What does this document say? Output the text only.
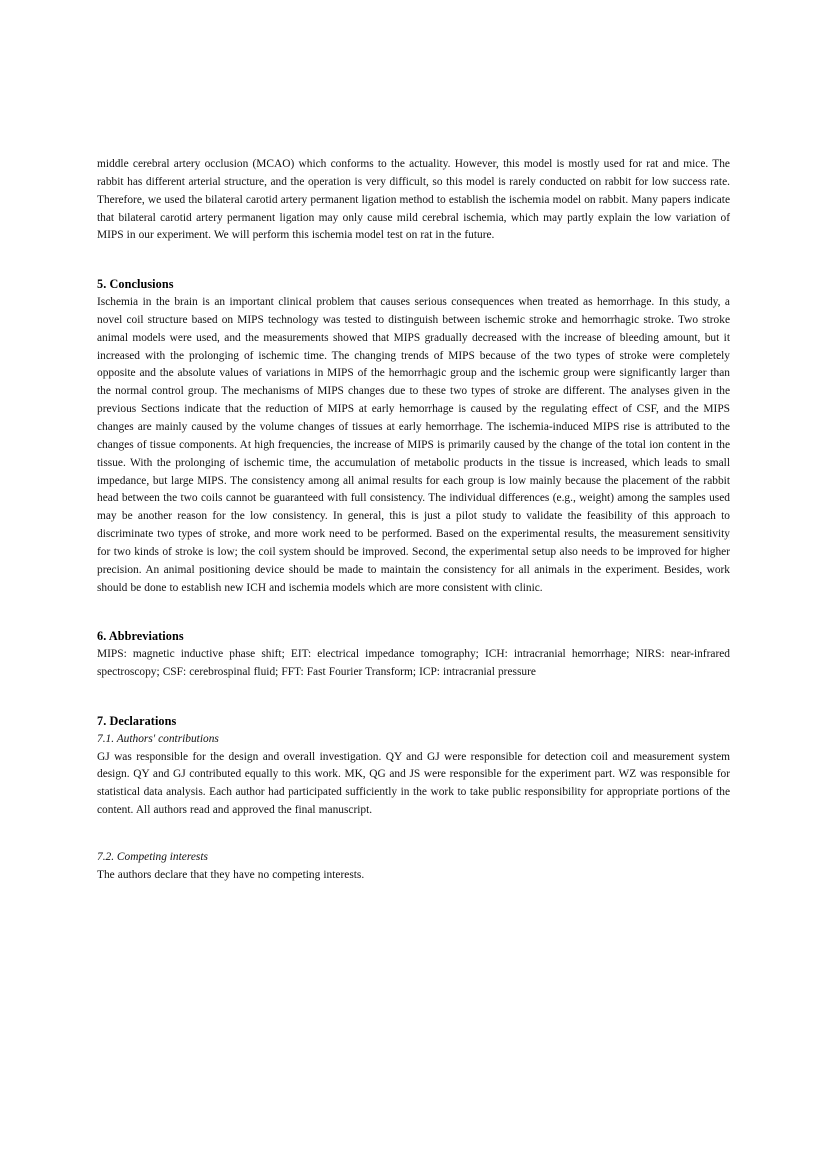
middle cerebral artery occlusion (MCAO) which conforms to the actuality. However, this model is mostly used for rat and mice. The rabbit has different arterial structure, and the operation is very difficult, so this model is rarely conducted on rabbit for low success rate. Therefore, we used the bilateral carotid artery permanent ligation method to establish the ischemia model on rabbit. Many papers indicate that bilateral carotid artery permanent ligation may only cause mild cerebral ischemia, which may partly explain the low variation of MIPS in our experiment. We will perform this ischemia model test on rat in the future.

5. Conclusions

Ischemia in the brain is an important clinical problem that causes serious consequences when treated as hemorrhage. In this study, a novel coil structure based on MIPS technology was tested to distinguish between ischemic stroke and hemorrhagic stroke. Two stroke animal models were used, and the measurements showed that MIPS gradually decreased with the increase of bleeding amount, but it increased with the prolonging of ischemic time. The changing trends of MIPS because of the two types of stroke were completely opposite and the absolute values of variations in MIPS of the hemorrhagic group and the ischemic group were significantly larger than the normal control group. The mechanisms of MIPS changes due to these two types of stroke are different. The analyses given in the previous Sections indicate that the reduction of MIPS at early hemorrhage is caused by the regulating effect of CSF, and the MIPS changes are mainly caused by the volume changes of tissues at early hemorrhage. The ischemia-induced MIPS rise is attributed to the changes of tissue components. At high frequencies, the increase of MIPS is primarily caused by the change of the total ion content in the tissue. With the prolonging of ischemic time, the accumulation of metabolic products in the tissue is increased, which leads to small impedance, but large MIPS. The consistency among all animal results for each group is low mainly because the placement of the rabbit head between the two coils cannot be guaranteed with full consistency. The individual differences (e.g., weight) among the samples used may be another reason for the low consistency. In general, this is just a pilot study to validate the feasibility of this approach to discriminate two types of stroke, and more work need to be performed. Based on the experimental results, the measurement sensitivity for two kinds of stroke is low; the coil system should be improved. Second, the experimental setup also needs to be improved for higher precision. An animal positioning device should be made to maintain the consistency for all animals in the experiment. Besides, work should be done to establish new ICH and ischemia models which are more consistent with clinic.

6. Abbreviations

MIPS: magnetic inductive phase shift; EIT: electrical impedance tomography; ICH: intracranial hemorrhage; NIRS: near-infrared spectroscopy; CSF: cerebrospinal fluid; FFT: Fast Fourier Transform; ICP: intracranial pressure

7. Declarations
7.1. Authors' contributions

GJ was responsible for the design and overall investigation. QY and GJ were responsible for detection coil and measurement system design. QY and GJ contributed equally to this work. MK, QG and JS were responsible for the experiment part. WZ was responsible for statistical data analysis. Each author had participated sufficiently in the work to take public responsibility for appropriate portions of the content. All authors read and approved the final manuscript.

7.2. Competing interests

The authors declare that they have no competing interests.
